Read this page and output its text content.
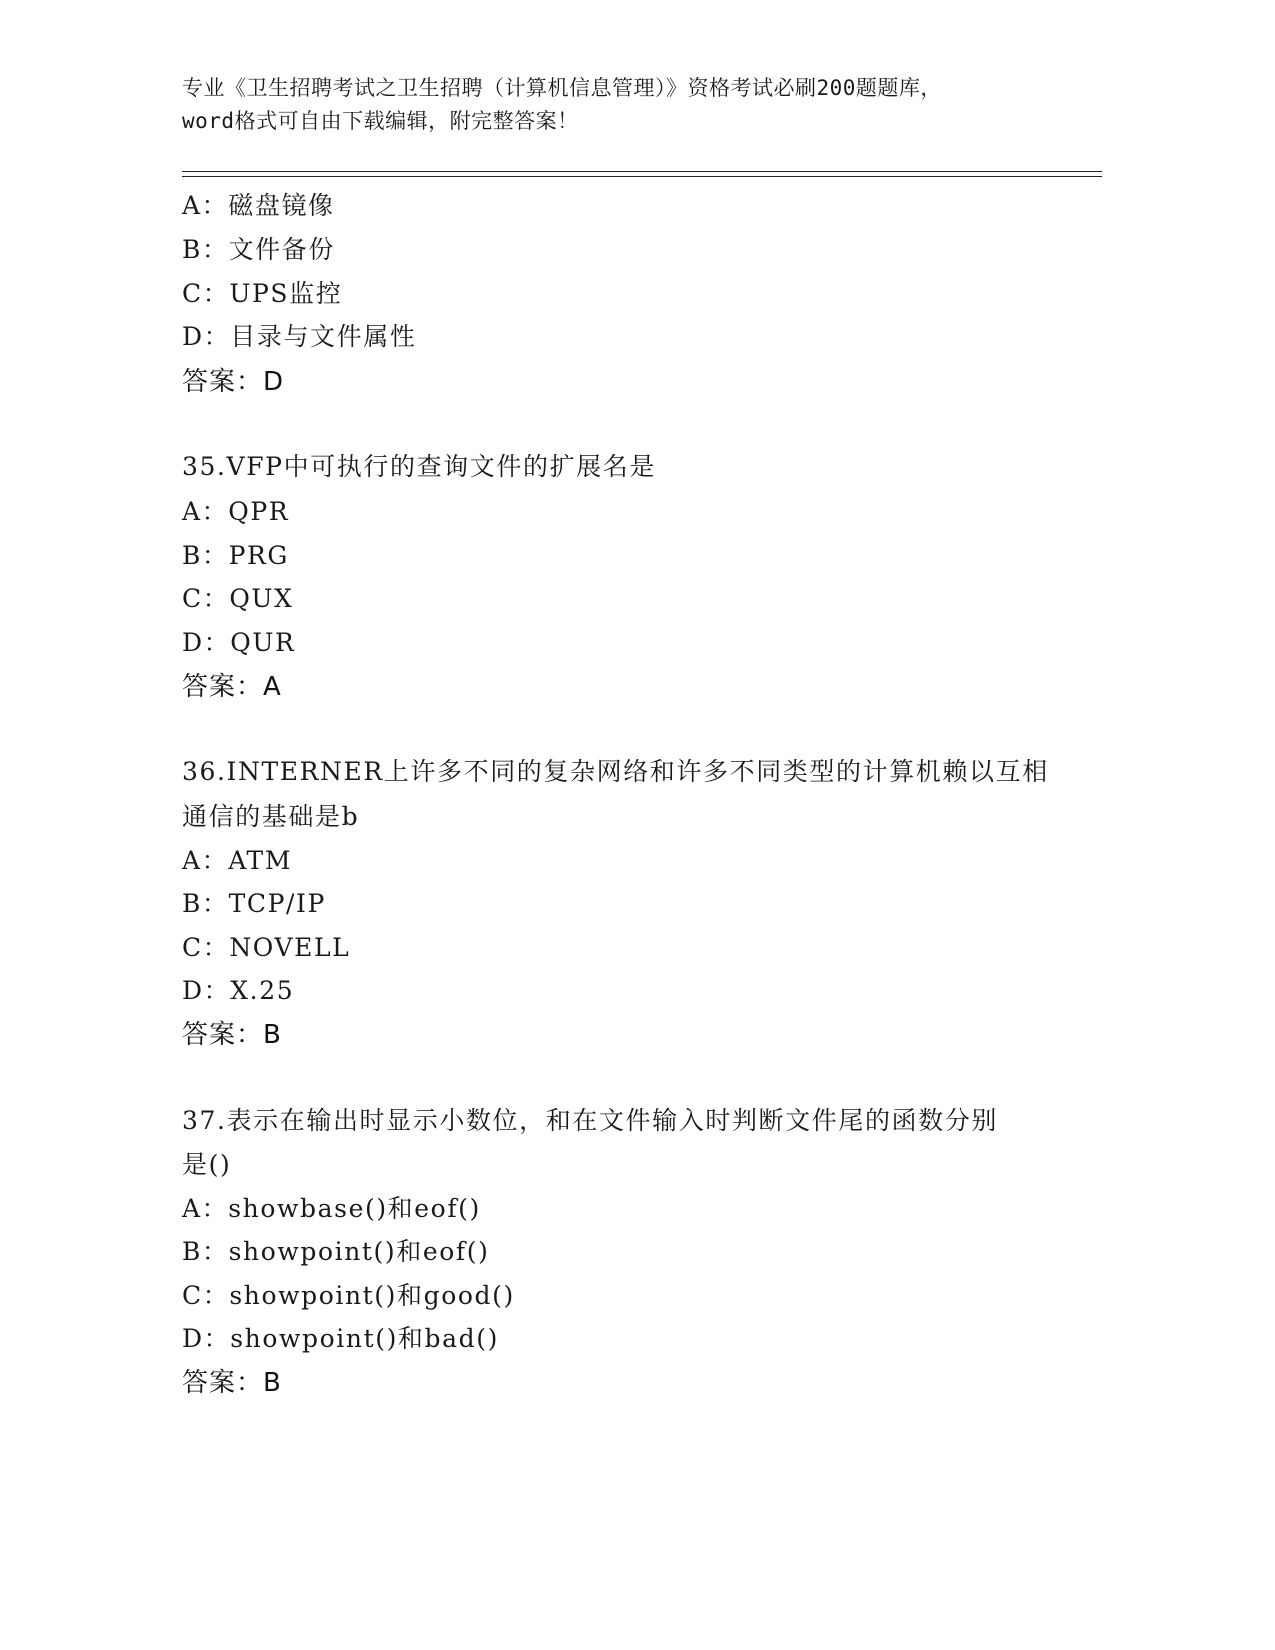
专业《卫生招聘考试之卫生招聘（计算机信息管理）》资格考试必刷200题题库，
word格式可自由下载编辑，附完整答案！
A：磁盘镜像
B：文件备份
C：UPS监控
D：目录与文件属性
答案：D
35.VFP中可执行的查询文件的扩展名是
A：QPR
B：PRG
C：QUX
D：QUR
答案：A
36.INTERNER上许多不同的复杂网络和许多不同类型的计算机赖以互相
通信的基础是b
A：ATM
B：TCP/IP
C：NOVELL
D：X.25
答案：B
37.表示在输出时显示小数位，和在文件输入时判断文件尾的函数分别
是()
A：showbase()和eof()
B：showpoint()和eof()
C：showpoint()和good()
D：showpoint()和bad()
答案：B
